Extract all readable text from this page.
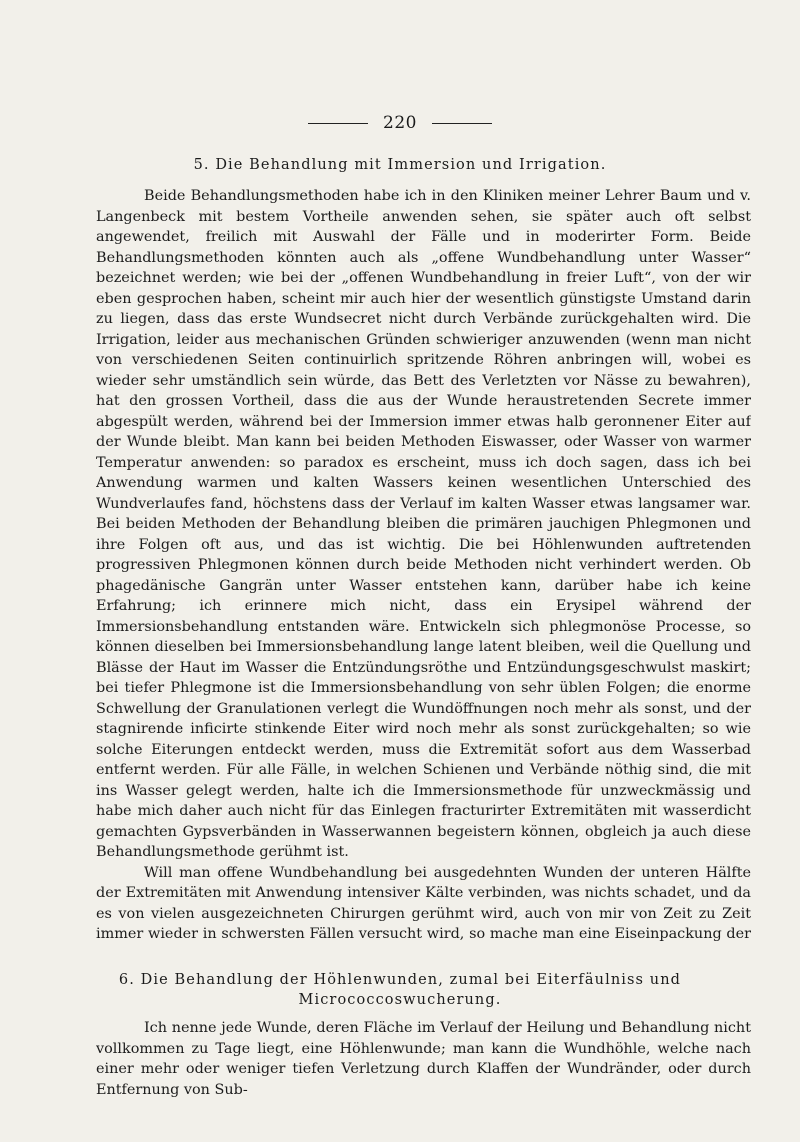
220
5. Die Behandlung mit Immersion und Irrigation.

Beide Behandlungsmethoden habe ich in den Kliniken meiner Lehrer Baum und v. Langenbeck mit bestem Vortheile anwenden sehen, sie später auch oft selbst angewendet, freilich mit Auswahl der Fälle und in moderirter Form. Beide Behandlungsmethoden könnten auch als „offene Wundbehandlung unter Wasser“ bezeichnet werden; wie bei der „offenen Wundbehandlung in freier Luft“, von der wir eben gesprochen haben, scheint mir auch hier der wesentlich günstigste Umstand darin zu liegen, dass das erste Wundsecret nicht durch Verbände zurückgehalten wird. Die Irrigation, leider aus mechanischen Gründen schwieriger anzuwenden (wenn man nicht von verschiedenen Seiten continuirlich spritzende Röhren anbringen will, wobei es wieder sehr umständlich sein würde, das Bett des Verletzten vor Nässe zu bewahren), hat den grossen Vortheil, dass die aus der Wunde heraustretenden Secrete immer abgespült werden, während bei der Immersion immer etwas halb geronnener Eiter auf der Wunde bleibt. Man kann bei beiden Methoden Eiswasser, oder Wasser von warmer Temperatur anwenden: so paradox es erscheint, muss ich doch sagen, dass ich bei Anwendung warmen und kalten Wassers keinen wesentlichen Unterschied des Wundverlaufes fand, höchstens dass der Verlauf im kalten Wasser etwas langsamer war. Bei beiden Methoden der Behandlung bleiben die primären jauchigen Phlegmonen und ihre Folgen oft aus, und das ist wichtig. Die bei Höhlenwunden auftretenden progressiven Phlegmonen können durch beide Methoden nicht verhindert werden. Ob phagedänische Gangrän unter Wasser entstehen kann, darüber habe ich keine Erfahrung; ich erinnere mich nicht, dass ein Erysipel während der Immersionsbehandlung entstanden wäre. Entwickeln sich phlegmonöse Processe, so können dieselben bei Immersionsbehandlung lange latent bleiben, weil die Quellung und Blässe der Haut im Wasser die Entzündungsröthe und Entzündungsgeschwulst maskirt; bei tiefer Phlegmone ist die Immersionsbehandlung von sehr üblen Folgen; die enorme Schwellung der Granulationen verlegt die Wundöffnungen noch mehr als sonst, und der stagnirende inficirte stinkende Eiter wird noch mehr als sonst zurückgehalten; so wie solche Eiterungen entdeckt werden, muss die Extremität sofort aus dem Wasserbad entfernt werden. Für alle Fälle, in welchen Schienen und Verbände nöthig sind, die mit ins Wasser gelegt werden, halte ich die Immersionsmethode für unzweckmässig und habe mich daher auch nicht für das Einlegen fracturirter Extremitäten mit wasserdicht gemachten Gypsverbänden in Wasserwannen begeistern können, obgleich ja auch diese Behandlungsmethode gerühmt ist.

Will man offene Wundbehandlung bei ausgedehnten Wunden der unteren Hälfte der Extremitäten mit Anwendung intensiver Kälte verbinden, was nichts schadet, und da es von vielen ausgezeichneten Chirurgen gerühmt wird, auch von mir von Zeit zu Zeit immer wieder in schwersten Fällen versucht wird, so mache man eine Eiseinpackung der

6. Die Behandlung der Höhlenwunden, zumal bei Eiterfäulniss und Micrococcoswucherung.

Ich nenne jede Wunde, deren Fläche im Verlauf der Heilung und Behandlung nicht vollkommen zu Tage liegt, eine Höhlenwunde; man kann die Wundhöhle, welche nach einer mehr oder weniger tiefen Verletzung durch Klaffen der Wundränder, oder durch Entfernung von Sub-
